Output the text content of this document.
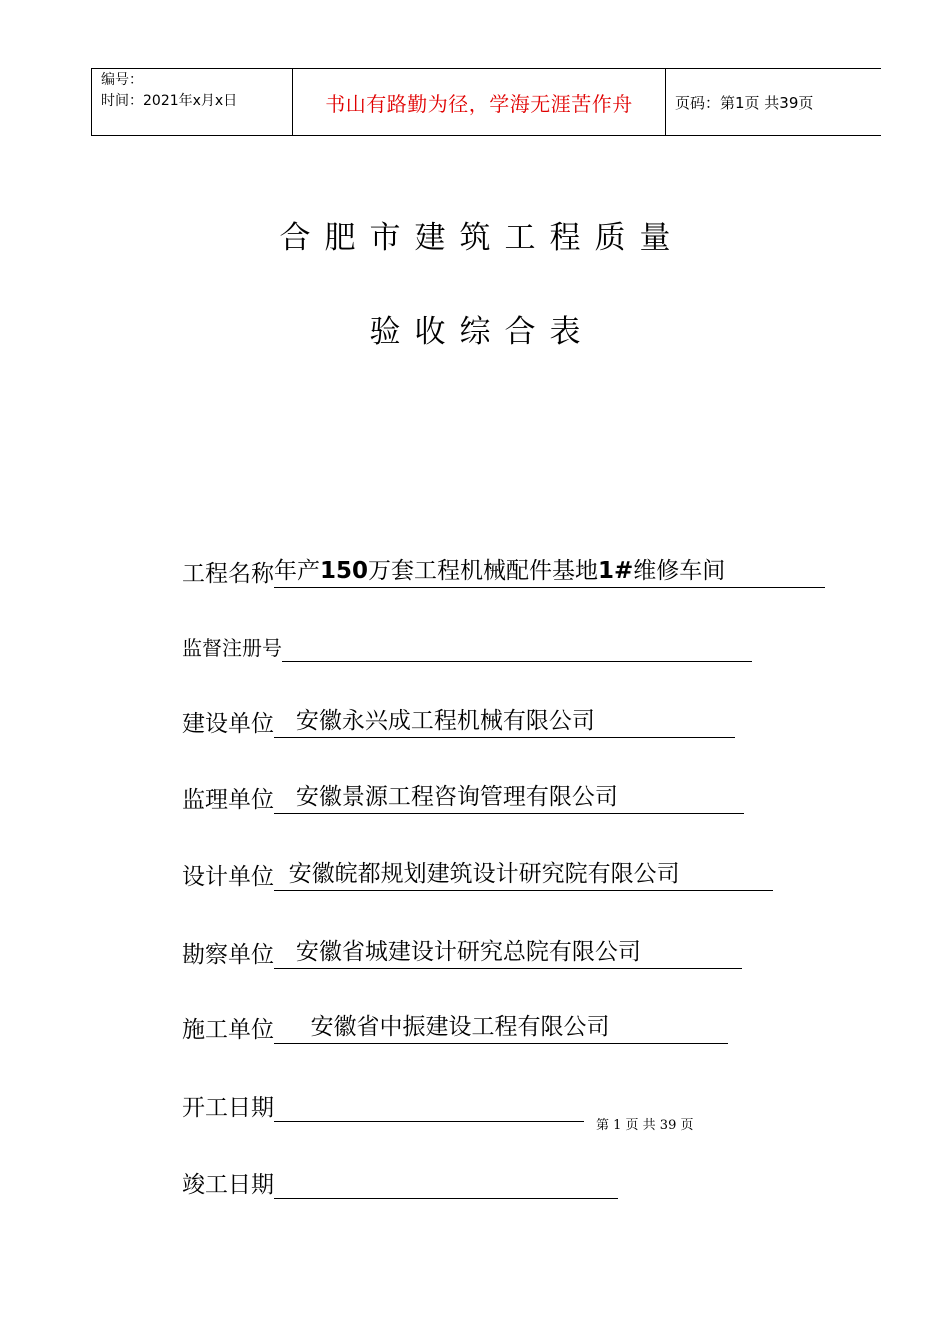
编号：
时间：2021年x月x日	书山有路勤为径，学海无涯苦作舟	页码：第1页 共39页
合肥市建筑工程质量
验收综合表
工程名称 年产150万套工程机械配件基地1#维修车间
监督注册号
建设单位 安徽永兴成工程机械有限公司
监理单位 安徽景源工程咨询管理有限公司
设计单位 安徽皖都规划建筑设计研究院有限公司
勘察单位 安徽省城建设计研究总院有限公司
施工单位 安徽省中振建设工程有限公司
开工日期
第 1 页 共 39 页
竣工日期
